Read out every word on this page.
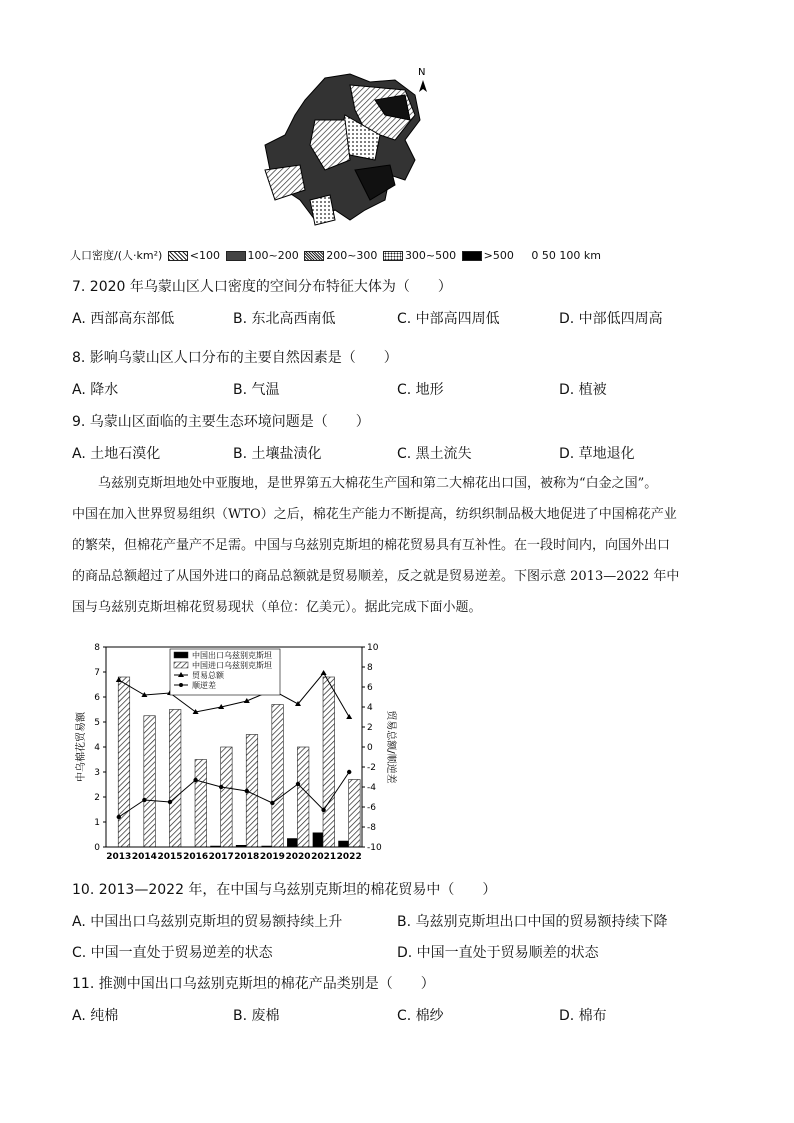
N
人口密度/(人·km²)	<100	100~200	200~300	300~500	>500 0 50 100 km
7. 2020 年乌蒙山区人口密度的空间分布特征大体为（　　）
A. 西部高东部低	B. 东北高西南低	C. 中部高四周低	D. 中部低四周高
8. 影响乌蒙山区人口分布的主要自然因素是（　　）
A. 降水	B. 气温	C. 地形	D. 植被
9. 乌蒙山区面临的主要生态环境问题是（　　）
A. 土地石漠化	B. 土壤盐渍化	C. 黑土流失	D. 草地退化
　　乌兹别克斯坦地处中亚腹地，是世界第五大棉花生产国和第二大棉花出口国，被称为“白金之国”。
中国在加入世界贸易组织（WTO）之后，棉花生产能力不断提高，纺织织制品极大地促进了中国棉花产业
的繁荣，但棉花产量产不足需。中国与乌兹别克斯坦的棉花贸易具有互补性。在一段时间内，向国外出口
的商品总额超过了从国外进口的商品总额就是贸易顺差，反之就是贸易逆差。下图示意 2013—2022 年中
国与乌兹别克斯坦棉花贸易现状（单位：亿美元）。据此完成下面小题。
0
1
2
3
4
5
6
7
8
-10
-8
-6
-4
-2
0
2
4
6
8
10
2013 2014 2015 2016 2017 2018 2019 2020 2021 2022
中乌棉花贸易额	贸易总额/顺逆差
中国出口乌兹别克斯坦
中国进口乌兹别克斯坦
贸易总额
顺逆差
10. 2013—2022 年，在中国与乌兹别克斯坦的棉花贸易中（　　）
A. 中国出口乌兹别克斯坦的贸易额持续上升	B. 乌兹别克斯坦出口中国的贸易额持续下降
C. 中国一直处于贸易逆差的状态	D. 中国一直处于贸易顺差的状态
11. 推测中国出口乌兹别克斯坦的棉花产品类别是（　　）
A. 纯棉	B. 废棉	C. 棉纱	D. 棉布
